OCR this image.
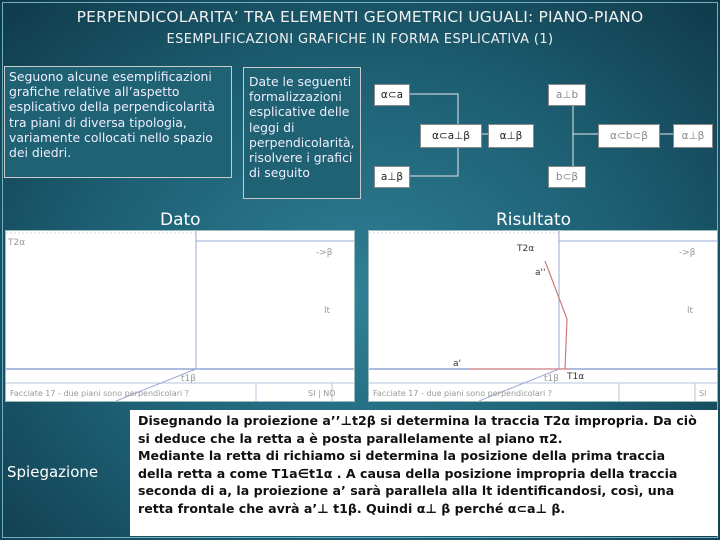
PERPENDICOLARITA’ TRA ELEMENTI GEOMETRICI UGUALI: PIANO-PIANO
ESEMPLIFICAZIONI GRAFICHE IN FORMA ESPLICATIVA (1)
Seguono alcune esemplificazioni grafiche relative all’aspetto esplicativo della perpendicolarità tra piani di diversa tipologia, variamente collocati nello spazio dei diedri.
Date le seguenti formalizzazioni esplicative delle leggi di perpendicolarità, risolvere i grafici di seguito
α⊂a
α⊂a⊥β
a⊥β
α⊥β
a⊥b
α⊂b⊂β
b⊂β
α⊥β
Dato	Risultato
T2α
->β
lt
t1β
Facciate 17 - due piani sono perpendicolari ?	SI | NO
T2α	->β
a''
lt
a'
T1α
t1β
Facciate 17 - due piani sono perpendicolari ?	SI
Spiegazione
Disegnando la proiezione a’’⊥t2β si determina la traccia T2α impropria. Da ciò
si deduce che la retta a è posta parallelamente al piano π2.
Mediante la retta di richiamo si determina la posizione della prima traccia
della retta a come T1a∈t1α . A causa della posizione impropria della traccia
seconda di a, la proiezione a’ sarà parallela alla lt identificandosi, così, una
retta frontale che avrà a’⊥ t1β. Quindi α⊥ β perché α⊂a⊥ β.
